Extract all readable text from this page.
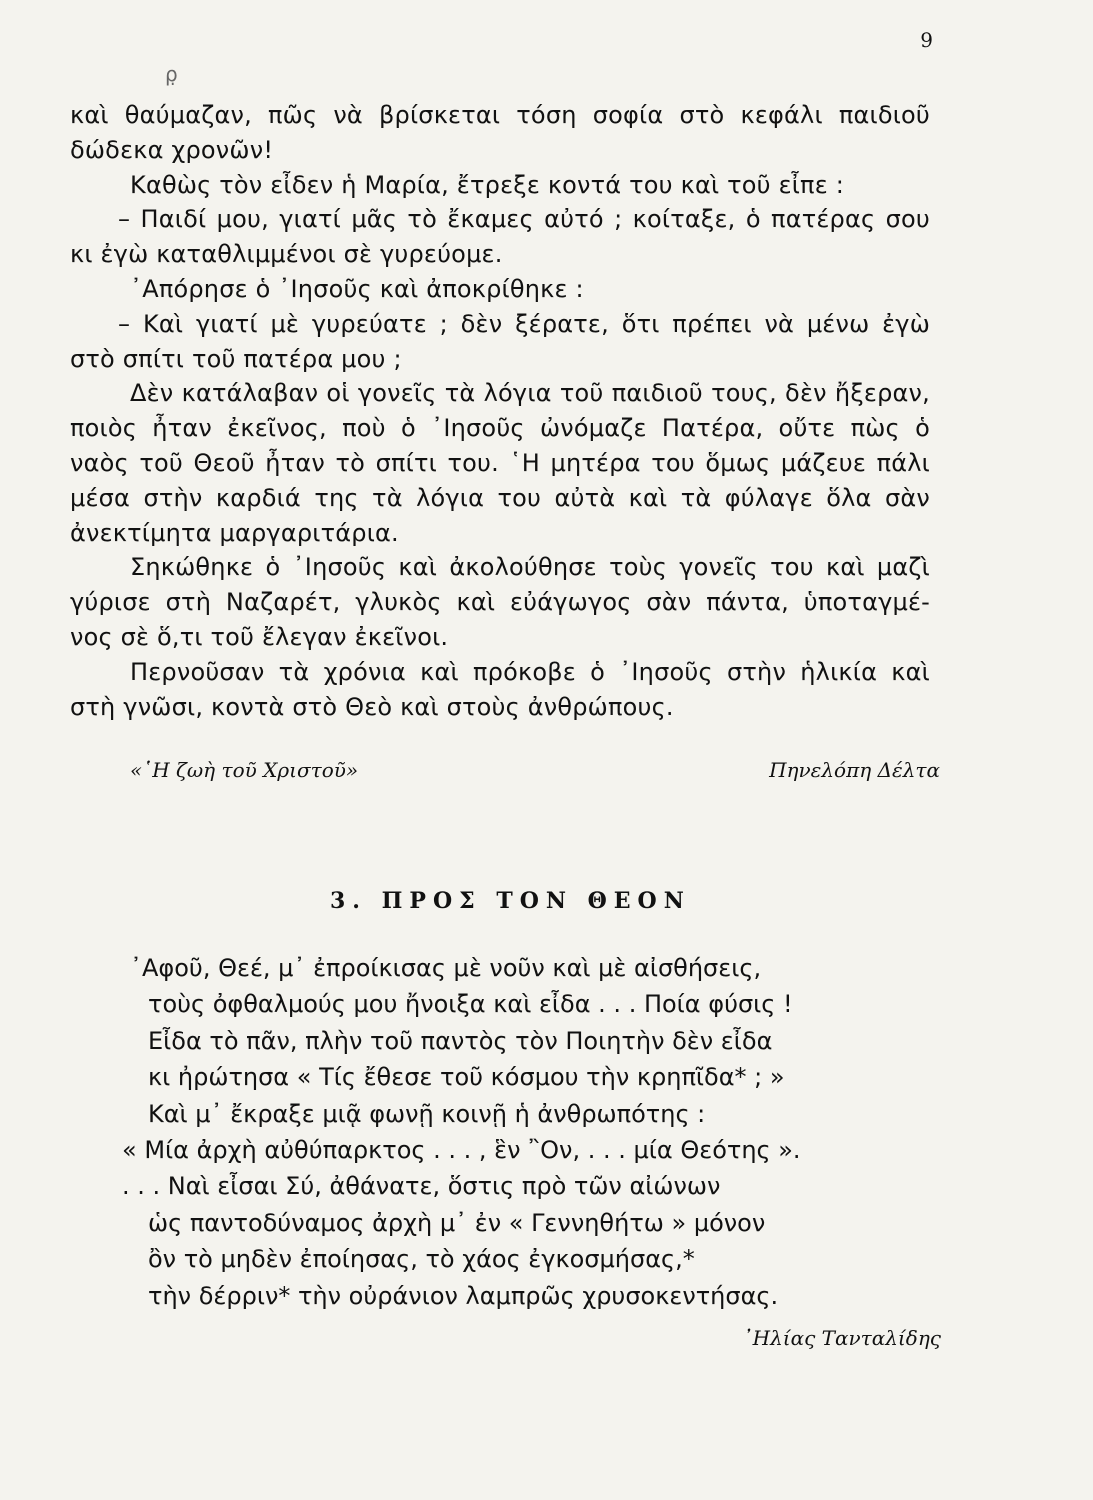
9
ρ̣
καὶ θαύμαζαν, πῶς νὰ βρίσκεται τόση σοφία στὸ κεφάλι παιδιοῦ
δώδεκα χρονῶν!
Καθὼς τὸν εἶδεν ἡ Μαρία, ἔτρεξε κοντά του καὶ τοῦ εἶπε :
– Παιδί μου, γιατί μᾶς τὸ ἔκαμες αὐτό ; κοίταξε, ὁ πατέρας σου
κι ἐγὼ καταθλιμμένοι σὲ γυρεύομε.
᾿Απόρησε ὁ ᾿Ιησοῦς καὶ ἀποκρίθηκε :
– Καὶ γιατί μὲ γυρεύατε ; δὲν ξέρατε, ὅτι πρέπει νὰ μένω ἐγὼ
στὸ σπίτι τοῦ πατέρα μου ;
Δὲν κατάλαβαν οἱ γονεῖς τὰ λόγια τοῦ παιδιοῦ τους, δὲν ἤξεραν,
ποιὸς ἦταν ἐκεῖνος, ποὺ ὁ ᾿Ιησοῦς ὠνόμαζε Πατέρα, οὔτε πὼς ὁ
ναὸς τοῦ Θεοῦ ἦταν τὸ σπίτι του. ῾Η μητέρα του ὅμως μάζευε πάλι
μέσα στὴν καρδιά της τὰ λόγια του αὐτὰ καὶ τὰ φύλαγε ὅλα σὰν
ἀνεκτίμητα μαργαριτάρια.
Σηκώθηκε ὁ ᾿Ιησοῦς καὶ ἀκολούθησε τοὺς γονεῖς του καὶ μαζὶ
γύρισε στὴ Ναζαρέτ, γλυκὸς καὶ εὐάγωγος σὰν πάντα, ὑποταγμέ-
νος σὲ ὅ,τι τοῦ ἔλεγαν ἐκεῖνοι.
Περνοῦσαν τὰ χρόνια καὶ πρόκοβε ὁ ᾿Ιησοῦς στὴν ἡλικία καὶ
στὴ γνῶσι, κοντὰ στὸ Θεὸ καὶ στοὺς ἀνθρώπους.
«῾Η ζωὴ τοῦ Χριστοῦ»	Πηνελόπη Δέλτα
3. ΠΡΟΣ ΤΟΝ ΘΕΟΝ
᾿Αφοῦ, Θεέ, μ᾿ ἐπροίκισας μὲ νοῦν καὶ μὲ αἰσθήσεις,
τοὺς ὀφθαλμούς μου ἤνοιξα καὶ εἶδα . . . Ποία φύσις !
Εἶδα τὸ πᾶν, πλὴν τοῦ παντὸς τὸν Ποιητὴν δὲν εἶδα
κι ἠρώτησα « Τίς ἔθεσε τοῦ κόσμου τὴν κρηπῖδα* ; »
Καὶ μ᾿ ἔκραξε μιᾷ φωνῇ κοινῇ ἡ ἀνθρωπότης :
« Μία ἀρχὴ αὐθύπαρκτος . . . , ἓν ῍Ον, . . . μία Θεότης ».
. . . Ναὶ εἶσαι Σύ, ἀθάνατε, ὅστις πρὸ τῶν αἰώνων
ὡς παντοδύναμος ἀρχὴ μ᾿ ἐν « Γεννηθήτω » μόνον
ὂν τὸ μηδὲν ἐποίησας, τὸ χάος ἐγκοσμήσας,*
τὴν δέρριν* τὴν οὐράνιον λαμπρῶς χρυσοκεντήσας.
᾿Ηλίας Τανταλίδης
